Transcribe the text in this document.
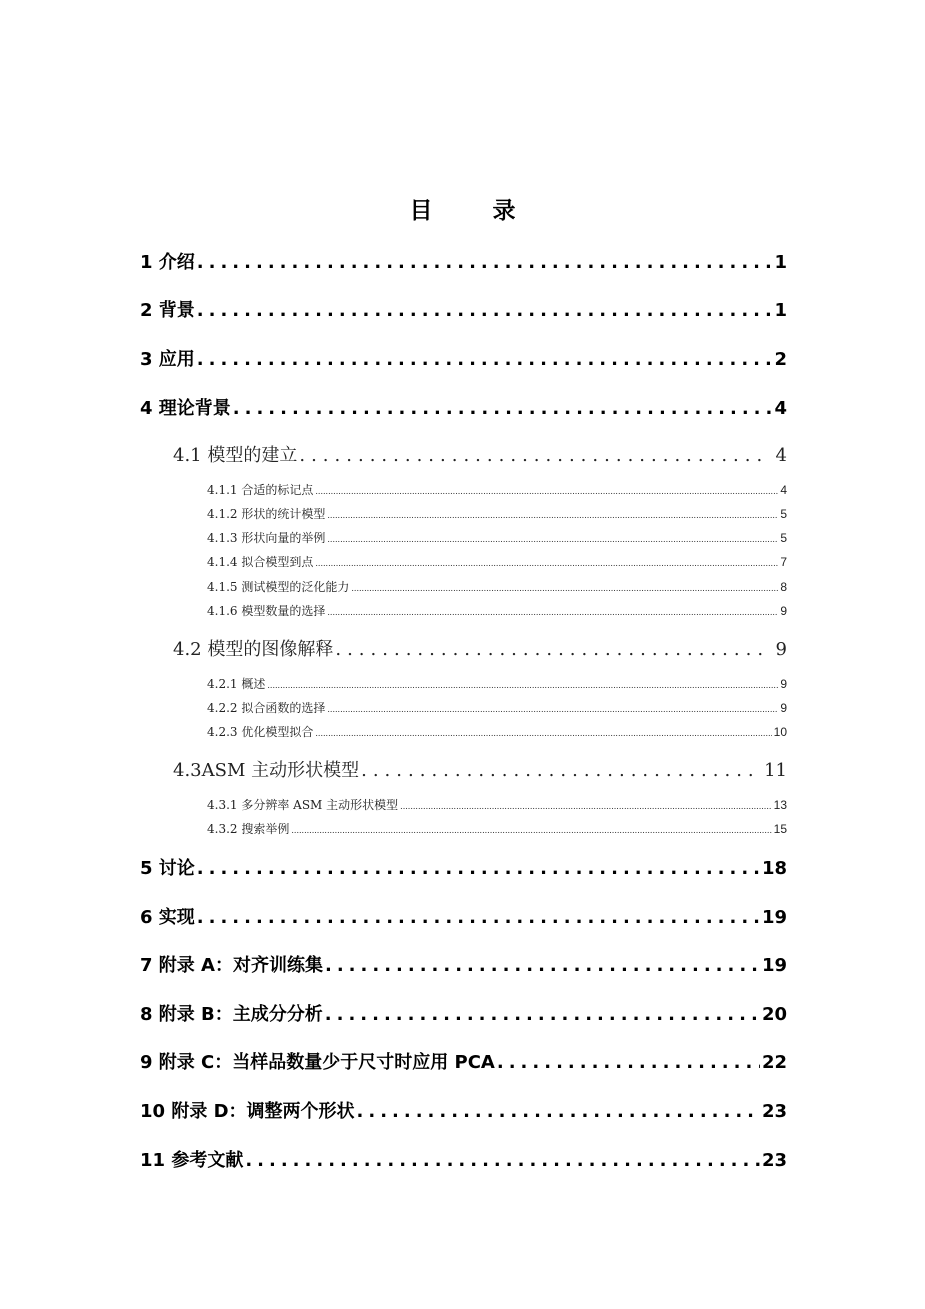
目 录
1 介绍 .....	1
2 背景 .....	1
3 应用 .....	2
4 理论背景 .....	4
4.1 模型的建立 .....	4
4.1.1 合适的标记点 .....	4
4.1.2 形状的统计模型 .....	5
4.1.3 形状向量的举例 .....	5
4.1.4 拟合模型到点 .....	7
4.1.5 测试模型的泛化能力 .....	8
4.1.6 模型数量的选择 .....	9
4.2 模型的图像解释 .....	9
4.2.1 概述 .....	9
4.2.2 拟合函数的选择 .....	9
4.2.3 优化模型拟合 .....	10
4.3ASM 主动形状模型 .....	11
4.3.1 多分辨率 ASM 主动形状模型 .....	13
4.3.2 搜索举例 .....	15
5 讨论 .....	18
6 实现 .....	19
7 附录 A：对齐训练集 .....	19
8 附录 B：主成分分析 .....	20
9 附录 C：当样品数量少于尺寸时应用 PCA .....	22
10 附录 D：调整两个形状 .....	23
11 参考文献 .....	23
